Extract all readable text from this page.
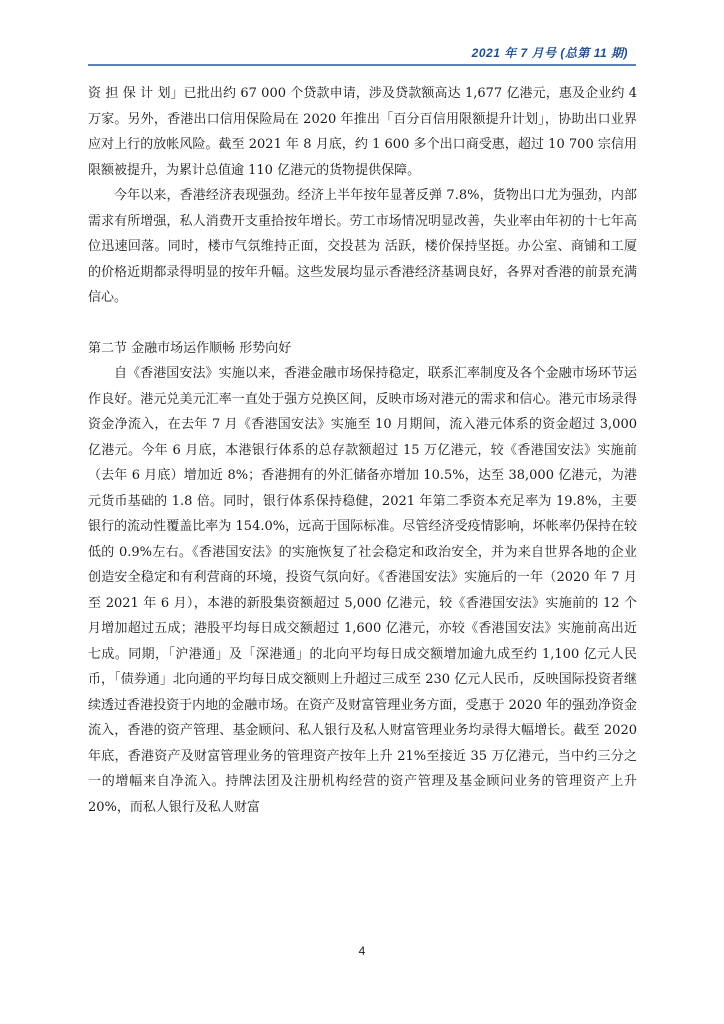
2021 年 7 月号 (总第 11 期)

资 担 保 计 划」已批出约 67 000 个贷款申请，涉及贷款额高达 1,677 亿港元，惠及企业约 4 万家。另外，香港出口信用保险局在 2020 年推出「百分百信用限额提升计划」，协助出口业界应对上行的放帐风险。截至 2021 年 8 月底，约 1 600 多个出口商受惠，超过 10 700 宗信用限额被提升，为累计总值逾 110 亿港元的货物提供保障。

今年以来，香港经济表现强劲。经济上半年按年显著反弹 7.8%，货物出口尤为强劲，内部需求有所增强，私人消费开支重拾按年增长。劳工市场情况明显改善，失业率由年初的十七年高位迅速回落。同时，楼市气氛维持正面，交投甚为 活跃，楼价保持坚挺。办公室、商铺和工厦的价格近期都录得明显的按年升幅。这些发展均显示香港经济基调良好，各界对香港的前景充满信心。

第二节 金融市场运作顺畅 形势向好

自《香港国安法》实施以来，香港金融市场保持稳定，联系汇率制度及各个金融市场环节运作良好。港元兑美元汇率一直处于强方兑换区间，反映市场对港元的需求和信心。港元市场录得资金净流入，在去年 7 月《香港国安法》实施至 10 月期间，流入港元体系的资金超过 3,000 亿港元。今年 6 月底，本港银行体系的总存款额超过 15 万亿港元，较《香港国安法》实施前（去年 6 月底）增加近 8%；香港拥有的外汇储备亦增加 10.5%，达至 38,000 亿港元，为港元货币基础的 1.8 倍。同时，银行体系保持稳健，2021 年第二季资本充足率为 19.8%，主要银行的流动性覆盖比率为 154.0%，远高于国际标准。尽管经济受疫情影响，坏帐率仍保持在较低的 0.9%左右。《香港国安法》的实施恢复了社会稳定和政治安全，并为来自世界各地的企业创造安全稳定和有利营商的环境，投资气氛向好。《香港国安法》实施后的一年（2020 年 7 月至 2021 年 6 月），本港的新股集资额超过 5,000 亿港元，较《香港国安法》实施前的 12 个月增加超过五成；港股平均每日成交额超过 1,600 亿港元，亦较《香港国安法》实施前高出近七成。同期，「沪港通」及「深港通」的北向平均每日成交额增加逾九成至约 1,100 亿元人民币，「债券通」北向通的平均每日成交额则上升超过三成至 230 亿元人民币，反映国际投资者继续透过香港投资于内地的金融市场。在资产及财富管理业务方面，受惠于 2020 年的强劲净资金流入，香港的资产管理、基金顾问、私人银行及私人财富管理业务均录得大幅增长。截至 2020 年底，香港资产及财富管理业务的管理资产按年上升 21%至接近 35 万亿港元，当中约三分之一的增幅来自净流入。持牌法团及注册机构经营的资产管理及基金顾问业务的管理资产上升 20%，而私人银行及私人财富

4
